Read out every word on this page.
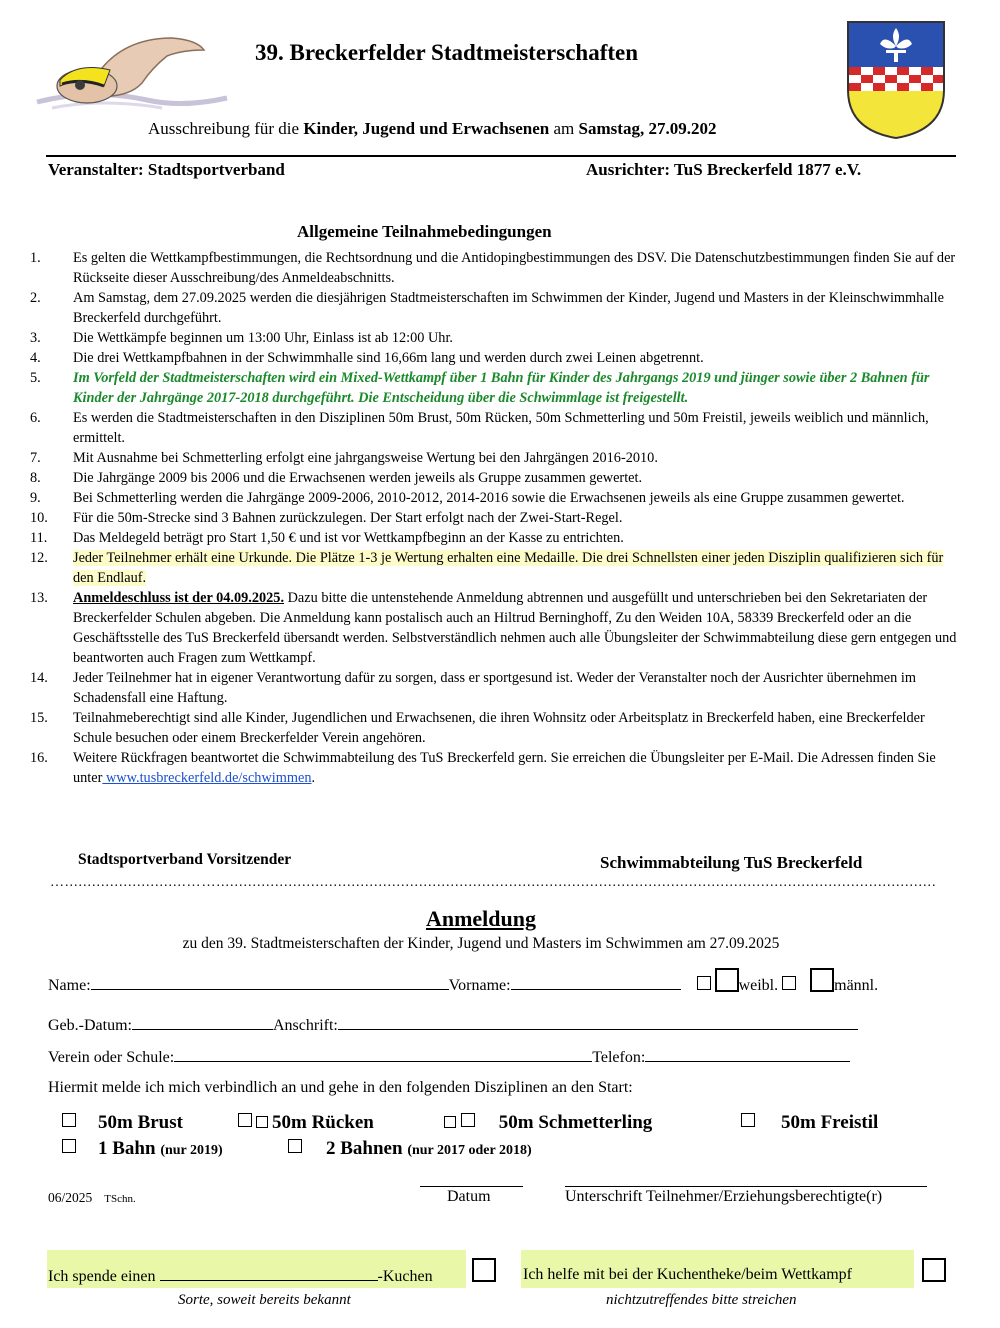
39. Breckerfelder Stadtmeisterschaften
Ausschreibung für die Kinder, Jugend und Erwachsenen am Samstag, 27.09.202
Veranstalter: Stadtsportverband	Ausrichter: TuS Breckerfeld 1877 e.V.
Allgemeine Teilnahmebedingungen
1.	Es gelten die Wettkampfbestimmungen, die Rechtsordnung und die Antidopingbestimmungen des DSV. Die Datenschutzbestimmungen finden Sie auf der Rückseite dieser Ausschreibung/des Anmeldeabschnitts.
2.	Am Samstag, dem 27.09.2025 werden die diesjährigen Stadtmeisterschaften im Schwimmen der Kinder, Jugend und Masters in der Kleinschwimmhalle Breckerfeld durchgeführt.
3.	Die Wettkämpfe beginnen um 13:00 Uhr, Einlass ist ab 12:00 Uhr.
4.	Die drei Wettkampfbahnen in der Schwimmhalle sind 16,66m lang und werden durch zwei Leinen abgetrennt.
5.	Im Vorfeld der Stadtmeisterschaften wird ein Mixed-Wettkampf über 1 Bahn für Kinder des Jahrgangs 2019 und jünger sowie über 2 Bahnen für Kinder der Jahrgänge 2017-2018 durchgeführt. Die Entscheidung über die Schwimmlage ist freigestellt.
6.	Es werden die Stadtmeisterschaften in den Disziplinen 50m Brust, 50m Rücken, 50m Schmetterling und 50m Freistil, jeweils weiblich und männlich, ermittelt.
7.	Mit Ausnahme bei Schmetterling erfolgt eine jahrgangsweise Wertung bei den Jahrgängen 2016-2010.
8.	Die Jahrgänge 2009 bis 2006 und die Erwachsenen werden jeweils als Gruppe zusammen gewertet.
9.	Bei Schmetterling werden die Jahrgänge 2009-2006, 2010-2012, 2014-2016 sowie die Erwachsenen jeweils als eine Gruppe zusammen gewertet.
10.	Für die 50m-Strecke sind 3 Bahnen zurückzulegen. Der Start erfolgt nach der Zwei-Start-Regel.
11.	Das Meldegeld beträgt pro Start 1,50 € und ist vor Wettkampfbeginn an der Kasse zu entrichten.
12.	Jeder Teilnehmer erhält eine Urkunde. Die Plätze 1-3 je Wertung erhalten eine Medaille. Die drei Schnellsten einer jeden Disziplin qualifizieren sich für den Endlauf.
13.	Anmeldeschluss ist der 04.09.2025. Dazu bitte die untenstehende Anmeldung abtrennen und ausgefüllt und unterschrieben bei den Sekretariaten der Breckerfelder Schulen abgeben. Die Anmeldung kann postalisch auch an Hiltrud Berninghoff, Zu den Weiden 10A, 58339 Breckerfeld oder an die Geschäftsstelle des TuS Breckerfeld übersandt werden. Selbstverständlich nehmen auch alle Übungsleiter der Schwimmabteilung diese gern entgegen und beantworten auch Fragen zum Wettkampf.
14.	Jeder Teilnehmer hat in eigener Verantwortung dafür zu sorgen, dass er sportgesund ist. Weder der Veranstalter noch der Ausrichter übernehmen im Schadensfall eine Haftung.
15.	Teilnahmeberechtigt sind alle Kinder, Jugendlichen und Erwachsenen, die ihren Wohnsitz oder Arbeitsplatz in Breckerfeld haben, eine Breckerfelder Schule besuchen oder einem Breckerfelder Verein angehören.
16.	Weitere Rückfragen beantwortet die Schwimmabteilung des TuS Breckerfeld gern. Sie erreichen die Übungsleiter per E-Mail. Die Adressen finden Sie unter www.tusbreckerfeld.de/schwimmen.
Stadtsportverband Vorsitzender	Schwimmabteilung TuS Breckerfeld
…...........................……................................................................................................................................................................
Anmeldung
zu den 39. Stadtmeisterschaften der Kinder, Jugend und Masters im Schwimmen am 27.09.2025
Name:	Vorname:	weibl.	männl.
Geb.-Datum:	Anschrift:
Verein oder Schule:	Telefon:
Hiermit melde ich mich verbindlich an und gehe in den folgenden Disziplinen an den Start:
50m Brust	50m Rücken	50m Schmetterling	50m Freistil
1 Bahn (nur 2019)	2 Bahnen (nur 2017 oder 2018)
06/2025 TSchn.	Datum	Unterschrift Teilnehmer/Erziehungsberechtigte(r)
Ich spende einen	-Kuchen
Sorte, soweit bereits bekannt
Ich helfe mit bei der Kuchentheke/beim Wettkampf
nichtzutreffendes bitte streichen
